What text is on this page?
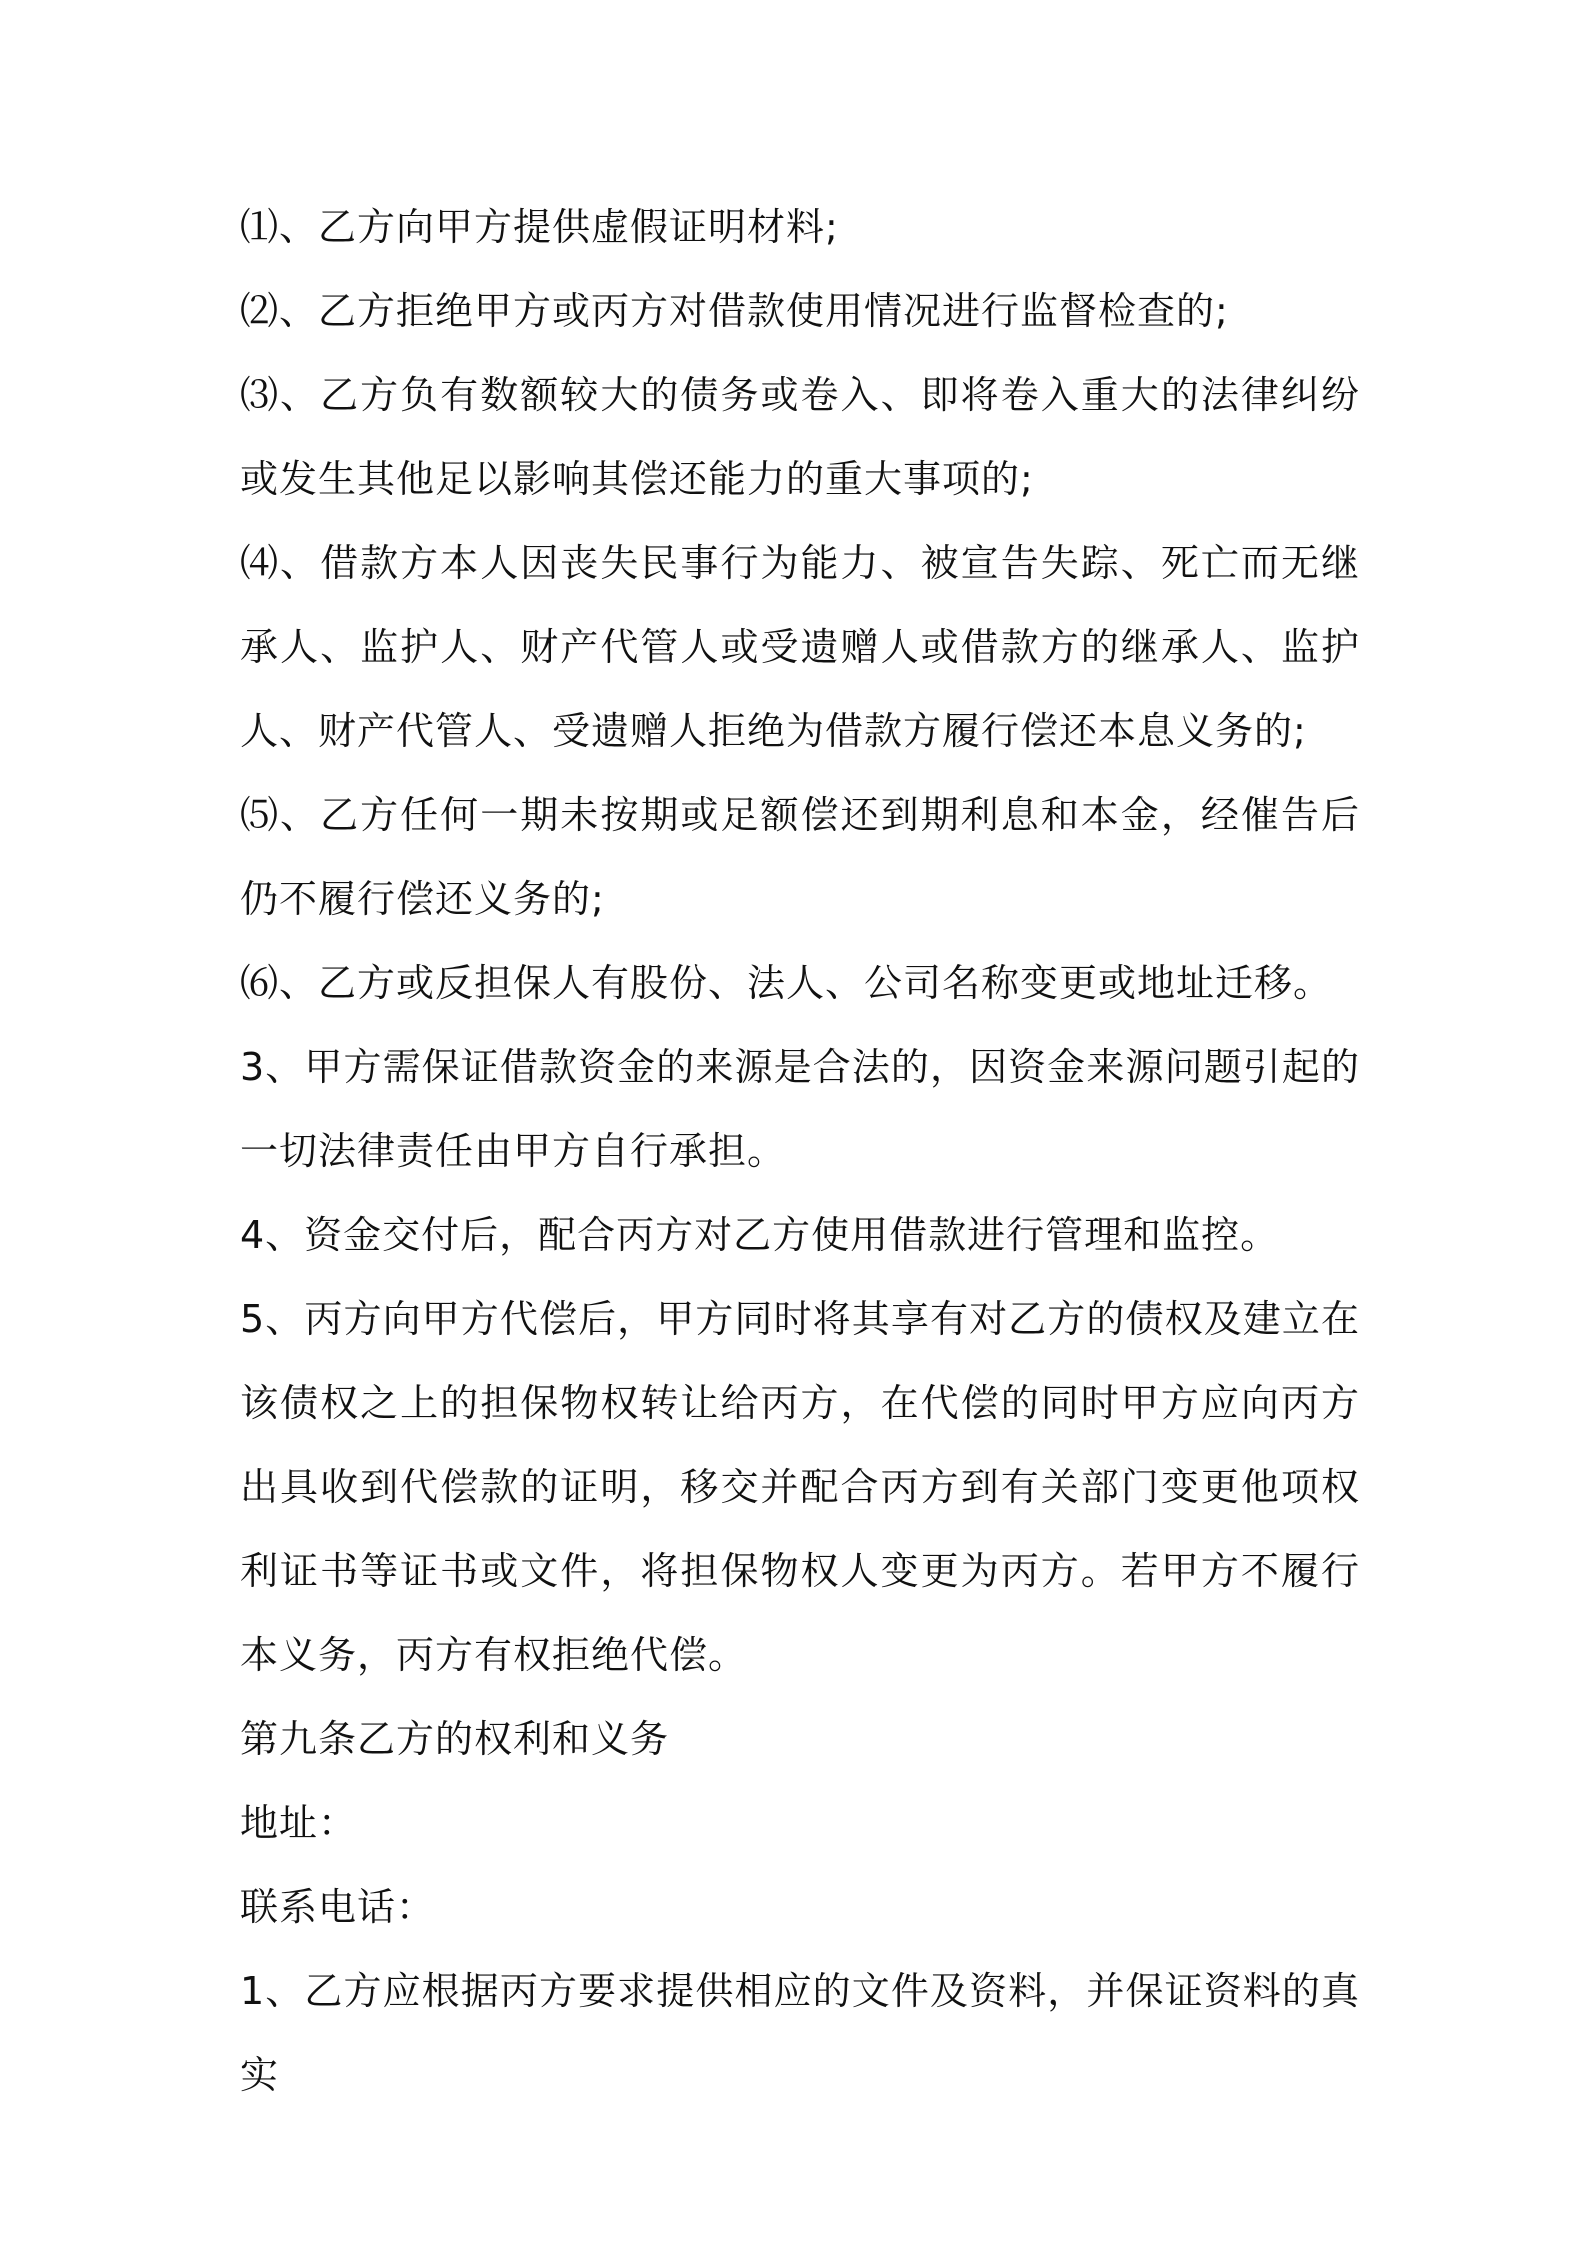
⑴、乙方向甲方提供虚假证明材料;

⑵、乙方拒绝甲方或丙方对借款使用情况进行监督检查的;

⑶、乙方负有数额较大的债务或卷入、即将卷入重大的法律纠纷或发生其他足以影响其偿还能力的重大事项的;

⑷、借款方本人因丧失民事行为能力、被宣告失踪、死亡而无继承人、监护人、财产代管人或受遗赠人或借款方的继承人、监护人、财产代管人、受遗赠人拒绝为借款方履行偿还本息义务的;

⑸、乙方任何一期未按期或足额偿还到期利息和本金，经催告后仍不履行偿还义务的;

⑹、乙方或反担保人有股份、法人、公司名称变更或地址迁移。

3、甲方需保证借款资金的来源是合法的，因资金来源问题引起的一切法律责任由甲方自行承担。

4、资金交付后，配合丙方对乙方使用借款进行管理和监控。

5、丙方向甲方代偿后，甲方同时将其享有对乙方的债权及建立在该债权之上的担保物权转让给丙方，在代偿的同时甲方应向丙方出具收到代偿款的证明，移交并配合丙方到有关部门变更他项权利证书等证书或文件，将担保物权人变更为丙方。若甲方不履行本义务，丙方有权拒绝代偿。

第九条乙方的权利和义务

地址：

联系电话：

1、乙方应根据丙方要求提供相应的文件及资料，并保证资料的真实
